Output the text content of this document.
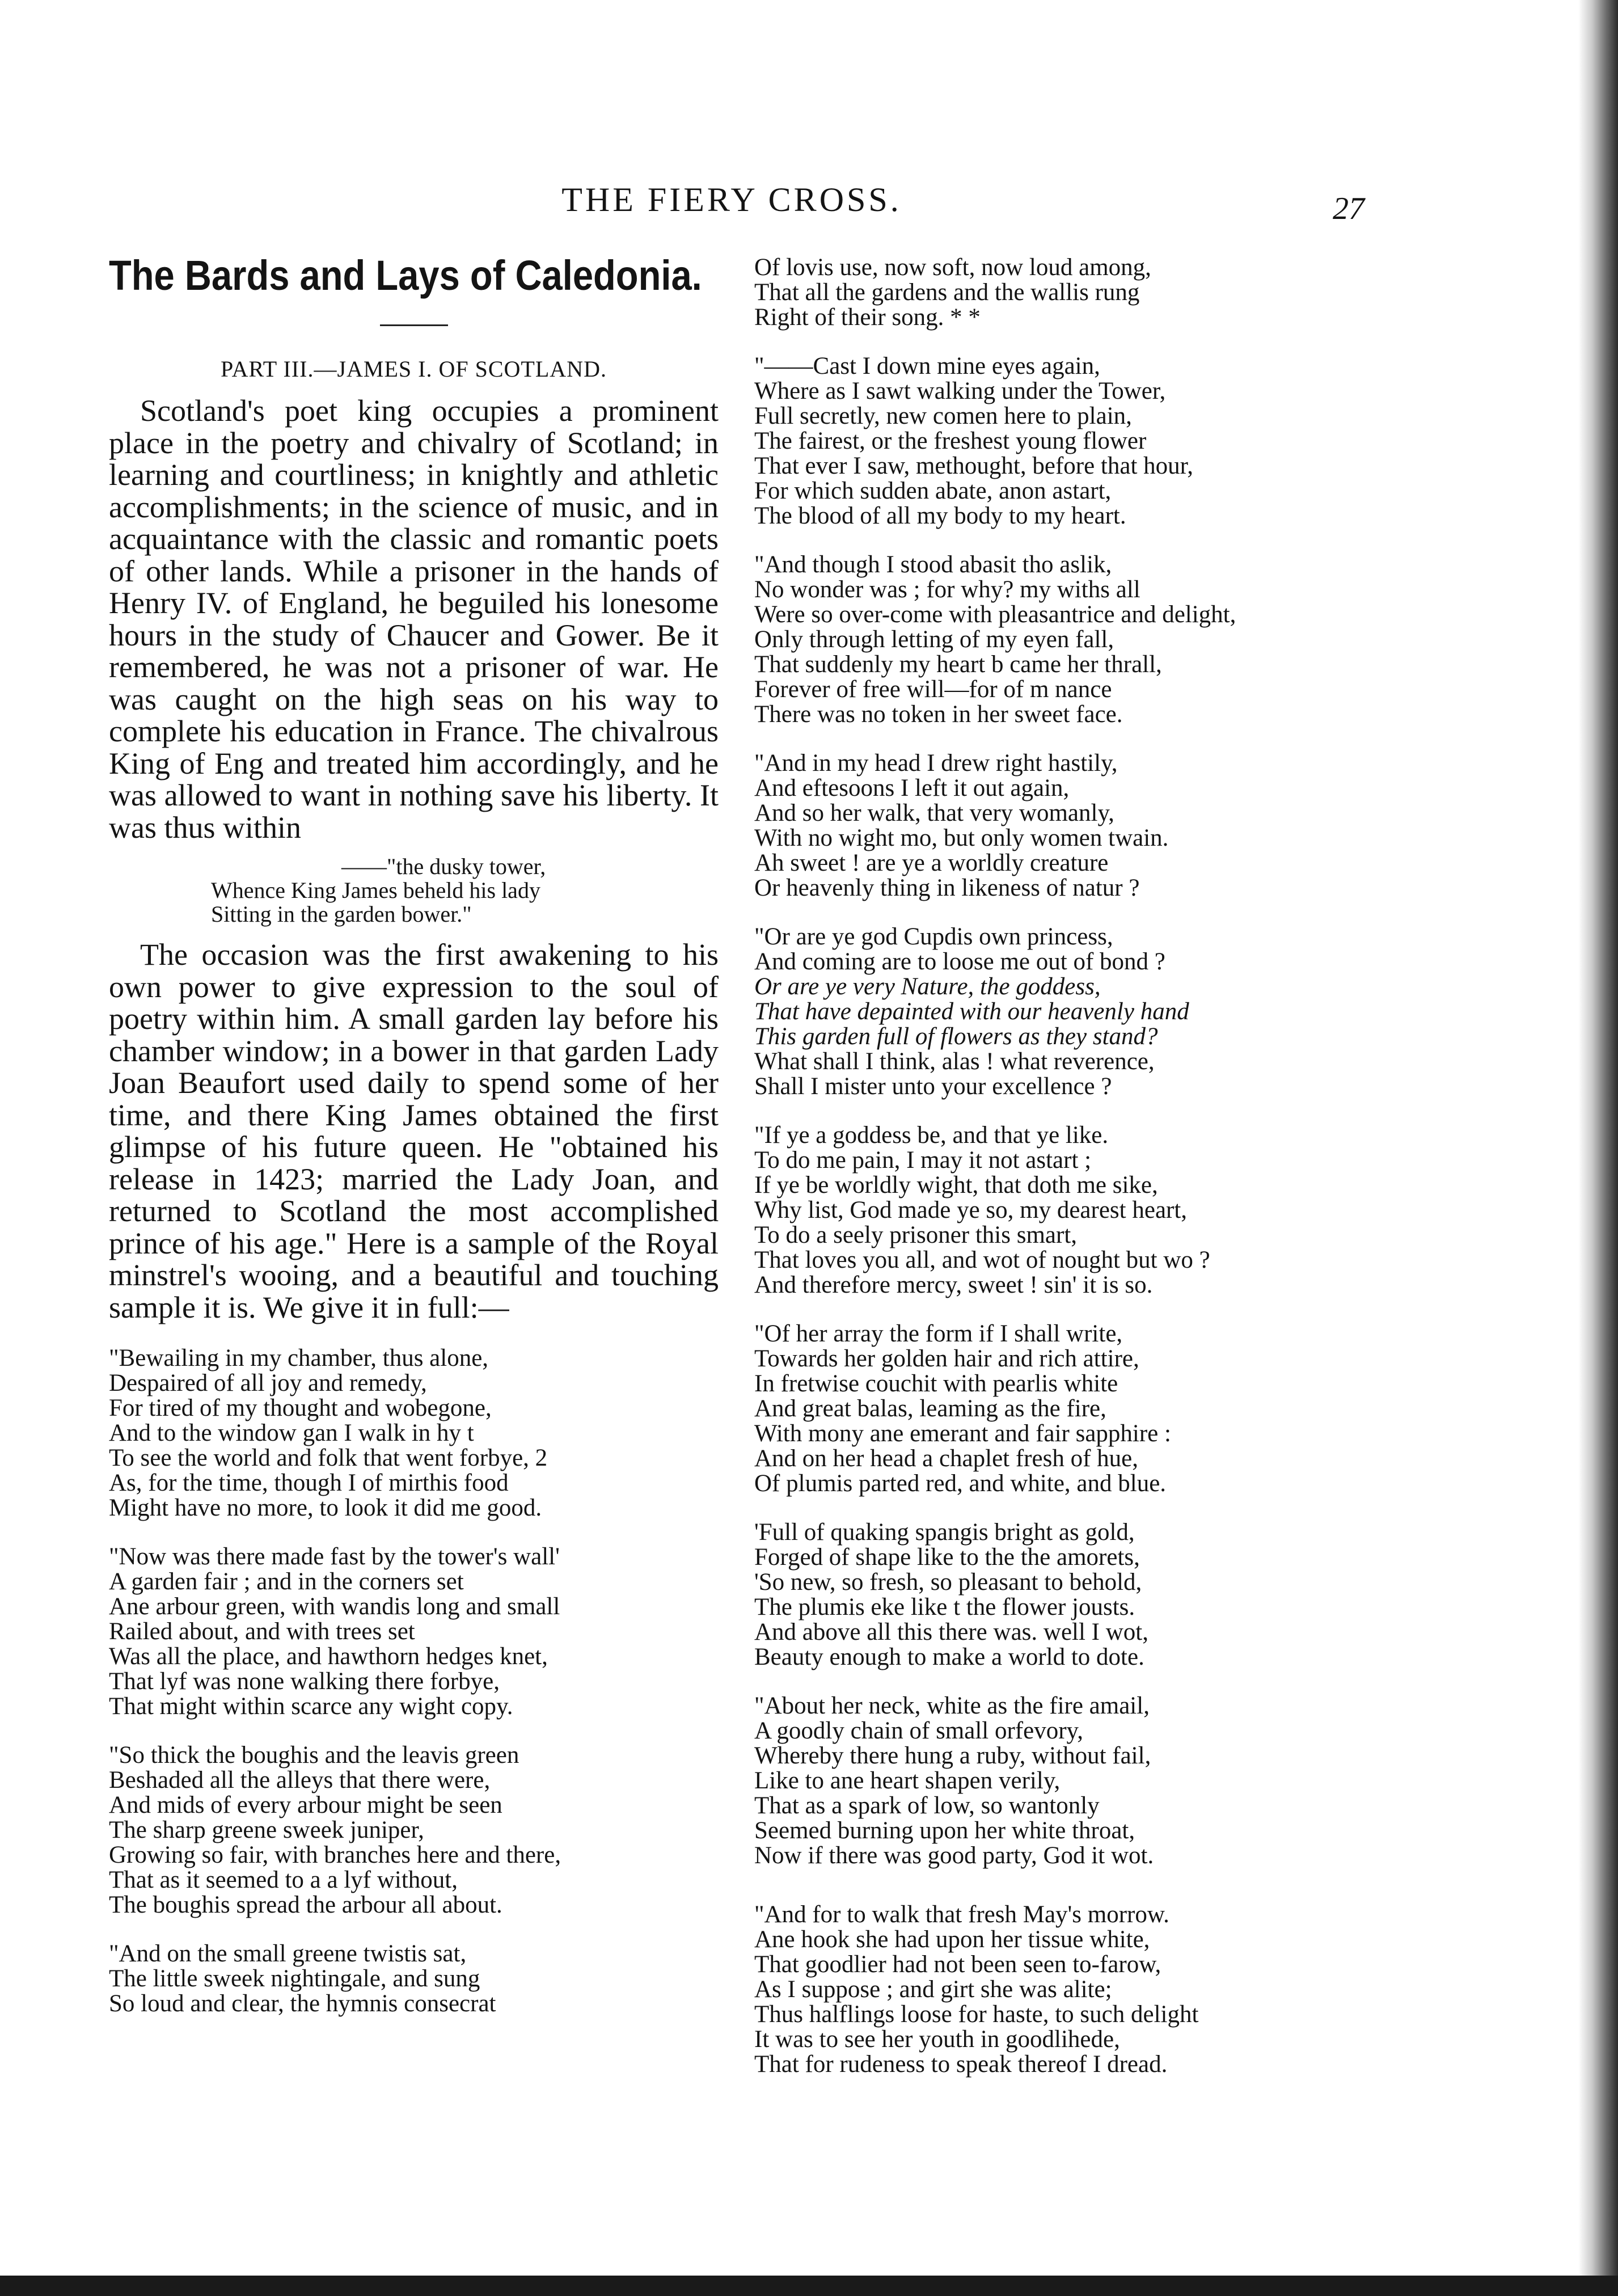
THE FIERY CROSS.	27
The Bards and Lays of Caledonia.
PART III.—JAMES I. OF SCOTLAND.

Scotland's poet king occupies a prominent place in the poetry and chivalry of Scotland; in learning and courtliness; in knightly and athletic accomplishments; in the science of music, and in acquaintance with the classic and romantic poets of other lands. While a prisoner in the hands of Henry IV. of England, he beguiled his lonesome hours in the study of Chaucer and Gower. Be it remembered, he was not a prisoner of war. He was caught on the high seas on his way to complete his education in France. The chivalrous King of Eng and treated him accordingly, and he was allowed to want in nothing save his liberty. It was thus within

——"the dusky tower,
Whence King James beheld his lady
Sitting in the garden bower."

The occasion was the first awakening to his own power to give expression to the soul of poetry within him. A small garden lay before his chamber window; in a bower in that garden Lady Joan Beaufort used daily to spend some of her time, and there King James obtained the first glimpse of his future queen. He "obtained his release in 1423; married the Lady Joan, and returned to Scotland the most accomplished prince of his age." Here is a sample of the Royal minstrel's wooing, and a beautiful and touching sample it is. We give it in full:—

"Bewailing in my chamber, thus alone,
Despaired of all joy and remedy,
For tired of my thought and wobegone,
And to the window gan I walk in hy t
To see the world and folk that went forbye, 2
As, for the time, though I of mirthis food
Might have no more, to look it did me good.
"Now was there made fast by the tower's wall'
A garden fair ; and in the corners set
Ane arbour green, with wandis long and small
Railed about, and with trees set
Was all the place, and hawthorn hedges knet,
That lyf was none walking there forbye,
That might within scarce any wight copy.
"So thick the boughis and the leavis green
Beshaded all the alleys that there were,
And mids of every arbour might be seen
The sharp greene sweek juniper,
Growing so fair, with branches here and there,
That as it seemed to a a lyf without,
The boughis spread the arbour all about.
"And on the small greene twistis sat,
The little sweek nightingale, and sung
So loud and clear, the hymnis consecrat
Of lovis use, now soft, now loud among,
That all the gardens and the wallis rung
Right of their song. * *
"——Cast I down mine eyes again,
Where as I sawt walking under the Tower,
Full secretly, new comen here to plain,
The fairest, or the freshest young flower
That ever I saw, methought, before that hour,
For which sudden abate, anon astart,
The blood of all my body to my heart.
"And though I stood abasit tho aslik,
No wonder was ; for why? my withs all
Were so over-come with pleasantrice and delight,
Only through letting of my eyen fall,
That suddenly my heart b came her thrall,
Forever of free will—for of m nance
There was no token in her sweet face.
"And in my head I drew right hastily,
And eftesoons I left it out again,
And so her walk, that very womanly,
With no wight mo, but only women twain.
Ah sweet ! are ye a worldly creature
Or heavenly thing in likeness of natur ?
"Or are ye god Cupdis own princess,
And coming are to loose me out of bond ?
Or are ye very Nature, the goddess,
That have depainted with our heavenly hand
This garden full of flowers as they stand?
What shall I think, alas ! what reverence,
Shall I mister unto your excellence ?
"If ye a goddess be, and that ye like.
To do me pain, I may it not astart ;
If ye be worldly wight, that doth me sike,
Why list, God made ye so, my dearest heart,
To do a seely prisoner this smart,
That loves you all, and wot of nought but wo ?
And therefore mercy, sweet ! sin' it is so.
"Of her array the form if I shall write,
Towards her golden hair and rich attire,
In fretwise couchit with pearlis white
And great balas, leaming as the fire,
With mony ane emerant and fair sapphire :
And on her head a chaplet fresh of hue,
Of plumis parted red, and white, and blue.
'Full of quaking spangis bright as gold,
Forged of shape like to the the amorets,
'So new, so fresh, so pleasant to behold,
The plumis eke like t the flower jousts.
And above all this there was. well I wot,
Beauty enough to make a world to dote.
"About her neck, white as the fire amail,
A goodly chain of small orfevory,
Whereby there hung a ruby, without fail,
Like to ane heart shapen verily,
That as a spark of low, so wantonly
Seemed burning upon her white throat,
Now if there was good party, God it wot.
"And for to walk that fresh May's morrow.
Ane hook she had upon her tissue white,
That goodlier had not been seen to-farow,
As I suppose ; and girt she was alite;
Thus halflings loose for haste, to such delight
It was to see her youth in goodlihede,
That for rudeness to speak thereof I dread.
